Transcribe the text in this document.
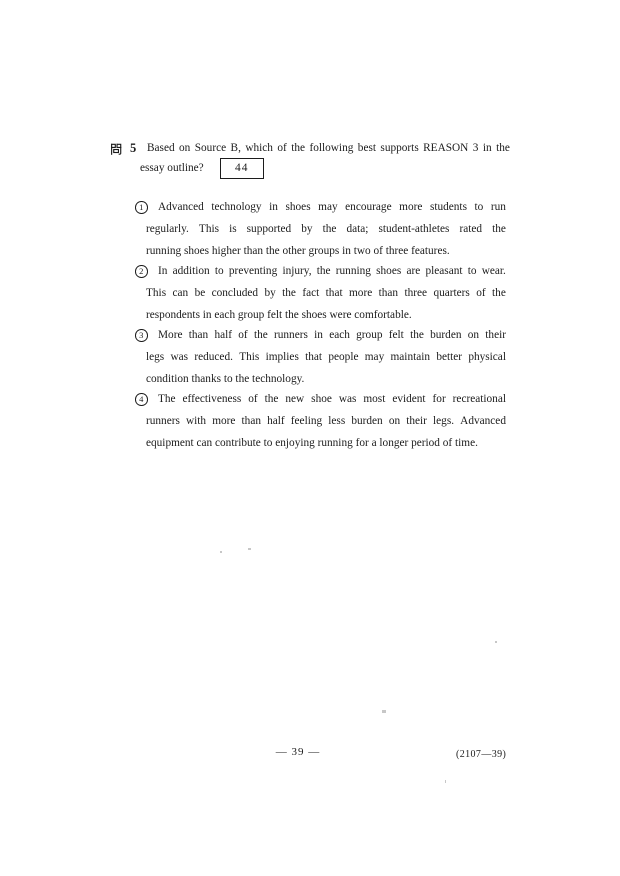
問 5 Based on Source B, which of the following best supports REASON 3 in the
essay outline?	44
1 Advanced technology in shoes may encourage more students to run
regularly. This is supported by the data; student-athletes rated the
running shoes higher than the other groups in two of three features.
2 In addition to preventing injury, the running shoes are pleasant to wear.
This can be concluded by the fact that more than three quarters of the
respondents in each group felt the shoes were comfortable.
3 More than half of the runners in each group felt the burden on their
legs was reduced. This implies that people may maintain better physical
condition thanks to the technology.
4 The effectiveness of the new shoe was most evident for recreational
runners with more than half feeling less burden on their legs. Advanced
equipment can contribute to enjoying running for a longer period of time.
— 39 —	(2107—39)
